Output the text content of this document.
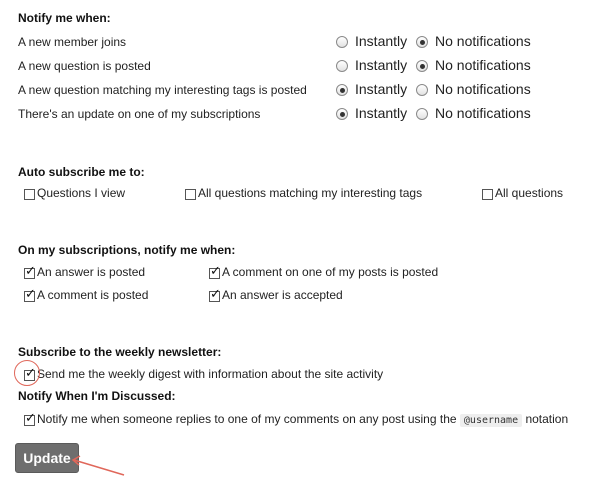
Notify me when:
A new member joins	Instantly No notifications
A new question is posted	Instantly No notifications
A new question matching my interesting tags is posted	Instantly No notifications
There's an update on one of my subscriptions	Instantly No notifications
Auto subscribe me to:
Questions I view	All questions matching my interesting tags	All questions
On my subscriptions, notify me when:
✓ An answer is posted	✓ A comment on one of my posts is posted
✓ A comment is posted	✓ An answer is accepted
Subscribe to the weekly newsletter:
✓ Send me the weekly digest with information about the site activity
Notify When I'm Discussed:
✓ Notify me when someone replies to one of my comments on any post using the @username notation
Update
